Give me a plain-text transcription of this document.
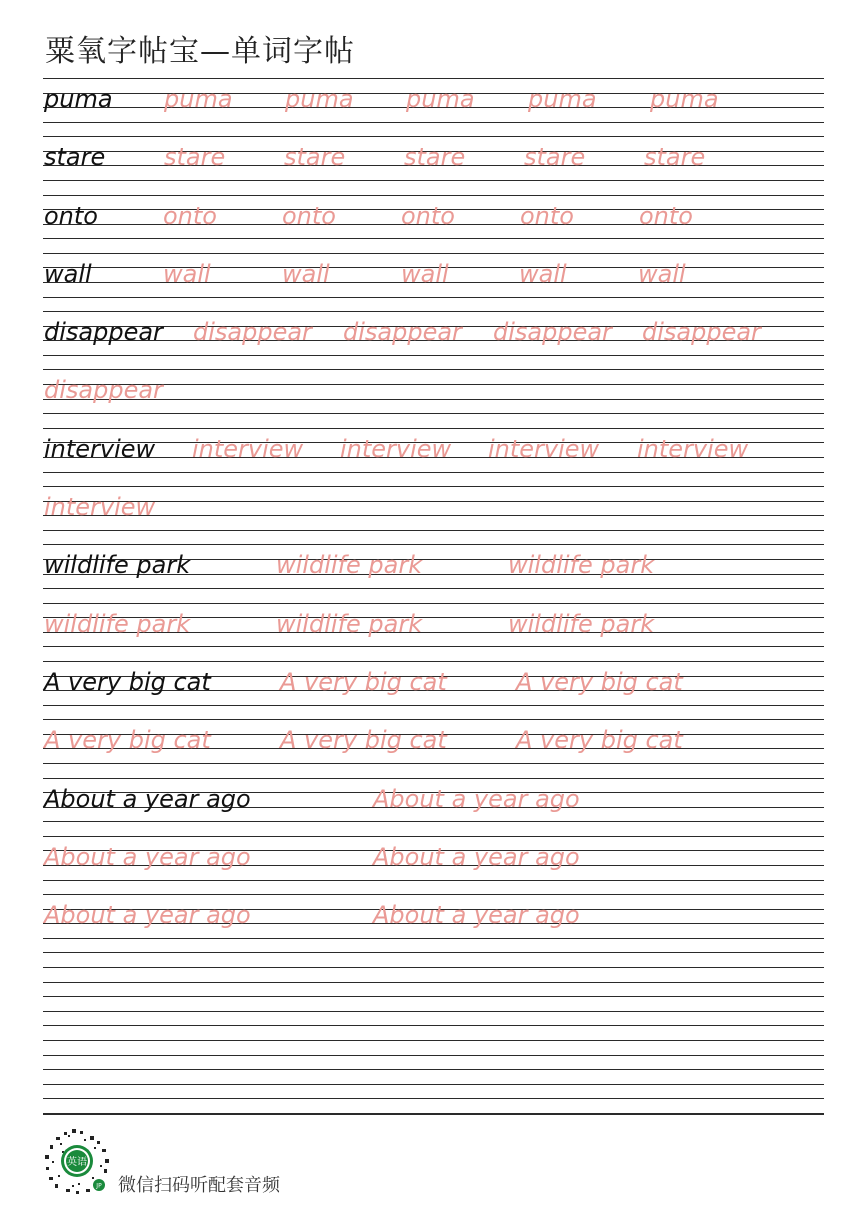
粟氧字帖宝—单词字帖
puma puma puma puma puma puma
stare stare stare stare stare stare
onto	onto	onto	onto	onto	onto
wall	wall	wall	wall	wall	wall
disappear disappear disappear disappear disappear
disappear
interview interview interview interview interview
interview
wildlife park	wildlife park	wildlife park
wildlife park	wildlife park	wildlife park
A very big cat	A very big cat	A very big cat
A very big cat	A very big cat	A very big cat
About a year ago	About a year ago
About a year ago	About a year ago
About a year ago	About a year ago
英语
JP 微信扫码听配套音频
